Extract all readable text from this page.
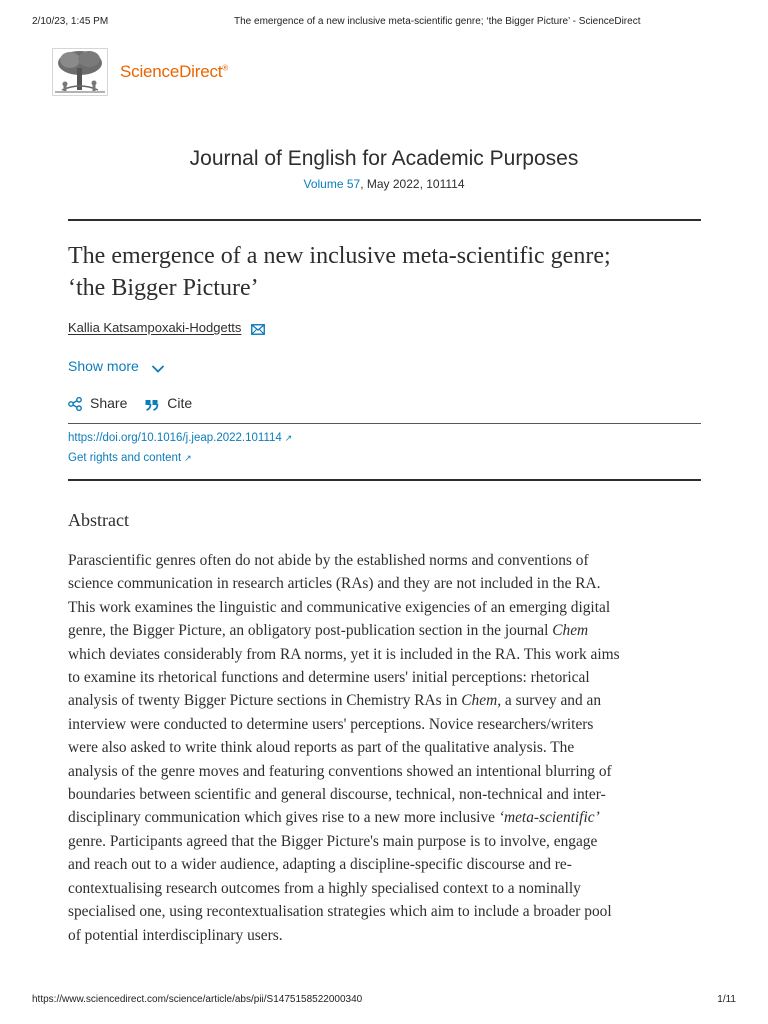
2/10/23, 1:45 PM	The emergence of a new inclusive meta-scientific genre; ‘the Bigger Picture’ - ScienceDirect
ScienceDirect®
Journal of English for Academic Purposes
Volume 57, May 2022, 101114
The emergence of a new inclusive meta-scientific genre;
‘the Bigger Picture’
Kallia Katsampoxaki-Hodgetts
Show more
Share	Cite
https://doi.org/10.1016/j.jeap.2022.101114 ↗
Get rights and content ↗
Abstract
Parascientific genres often do not abide by the established norms and conventions of
science communication in research articles (RAs) and they are not included in the RA.
This work examines the linguistic and communicative exigencies of an emerging digital
genre, the Bigger Picture, an obligatory post-publication section in the journal Chem
which deviates considerably from RA norms, yet it is included in the RA. This work aims
to examine its rhetorical functions and determine users' initial perceptions: rhetorical
analysis of twenty Bigger Picture sections in Chemistry RAs in Chem, a survey and an
interview were conducted to determine users' perceptions. Novice researchers/writers
were also asked to write think aloud reports as part of the qualitative analysis. The
analysis of the genre moves and featuring conventions showed an intentional blurring of
boundaries between scientific and general discourse, technical, non-technical and inter-
disciplinary communication which gives rise to a new more inclusive ‘meta-scientific’
genre. Participants agreed that the Bigger Picture's main purpose is to involve, engage
and reach out to a wider audience, adapting a discipline-specific discourse and re-
contextualising research outcomes from a highly specialised context to a nominally
specialised one, using recontextualisation strategies which aim to include a broader pool
of potential interdisciplinary users.
https://www.sciencedirect.com/science/article/abs/pii/S1475158522000340	1/11
